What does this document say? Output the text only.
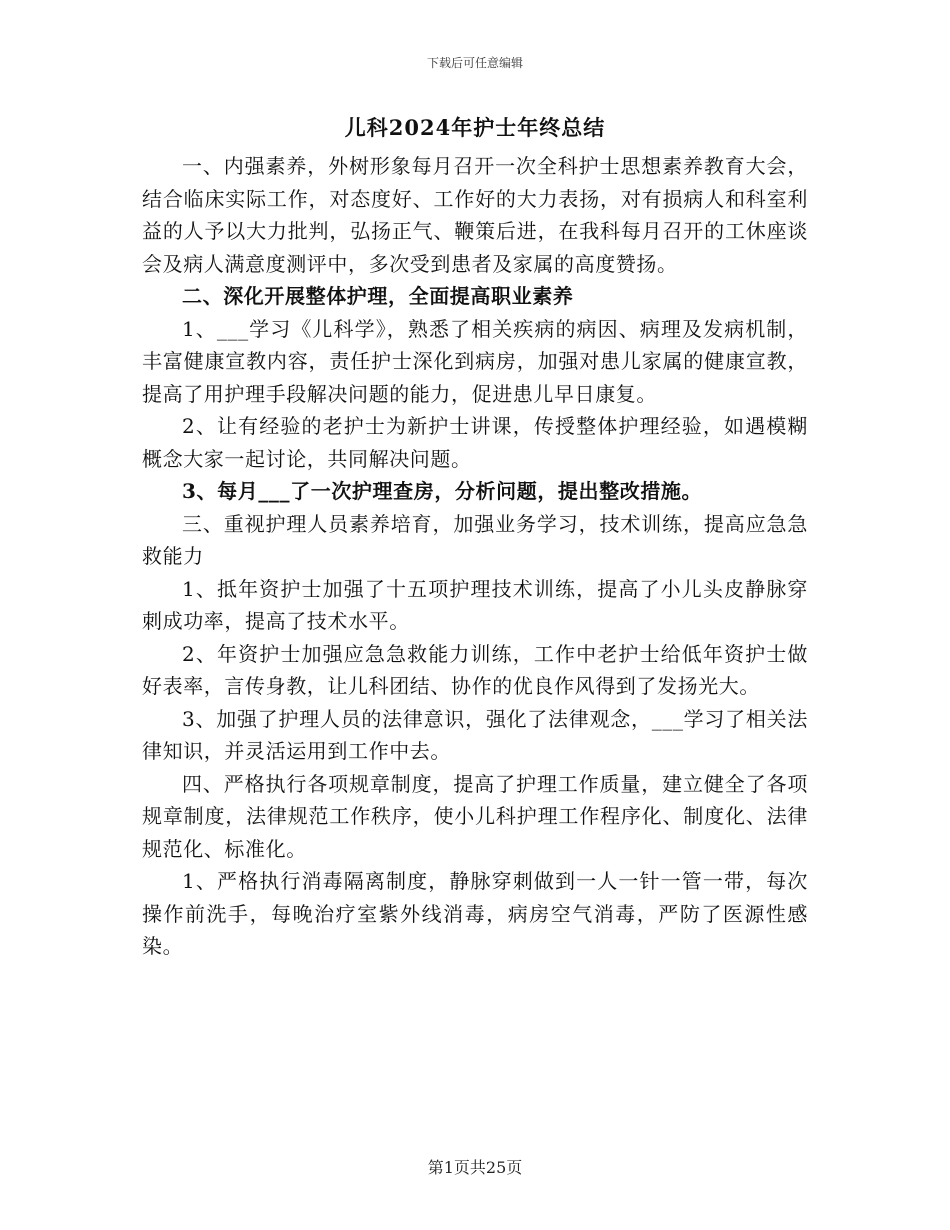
下载后可任意编辑
儿科2024年护士年终总结

一、内强素养，外树形象每月召开一次全科护士思想素养教育大会，结合临床实际工作，对态度好、工作好的大力表扬，对有损病人和科室利益的人予以大力批判，弘扬正气、鞭策后进，在我科每月召开的工休座谈会及病人满意度测评中，多次受到患者及家属的高度赞扬。

二、深化开展整体护理，全面提高职业素养

1、___学习《儿科学》，熟悉了相关疾病的病因、病理及发病机制，丰富健康宣教内容，责任护士深化到病房，加强对患儿家属的健康宣教，提高了用护理手段解决问题的能力，促进患儿早日康复。

2、让有经验的老护士为新护士讲课，传授整体护理经验，如遇模糊概念大家一起讨论，共同解决问题。

3、每月___了一次护理查房，分析问题，提出整改措施。

三、重视护理人员素养培育，加强业务学习，技术训练，提高应急急救能力

1、抵年资护士加强了十五项护理技术训练，提高了小儿头皮静脉穿刺成功率，提高了技术水平。

2、年资护士加强应急急救能力训练，工作中老护士给低年资护士做好表率，言传身教，让儿科团结、协作的优良作风得到了发扬光大。

3、加强了护理人员的法律意识，强化了法律观念，___学习了相关法律知识，并灵活运用到工作中去。

四、严格执行各项规章制度，提高了护理工作质量，建立健全了各项规章制度，法律规范工作秩序，使小儿科护理工作程序化、制度化、法律规范化、标准化。

1、严格执行消毒隔离制度，静脉穿刺做到一人一针一管一带，每次操作前洗手，每晚治疗室紫外线消毒，病房空气消毒，严防了医源性感染。

第1页共25页
